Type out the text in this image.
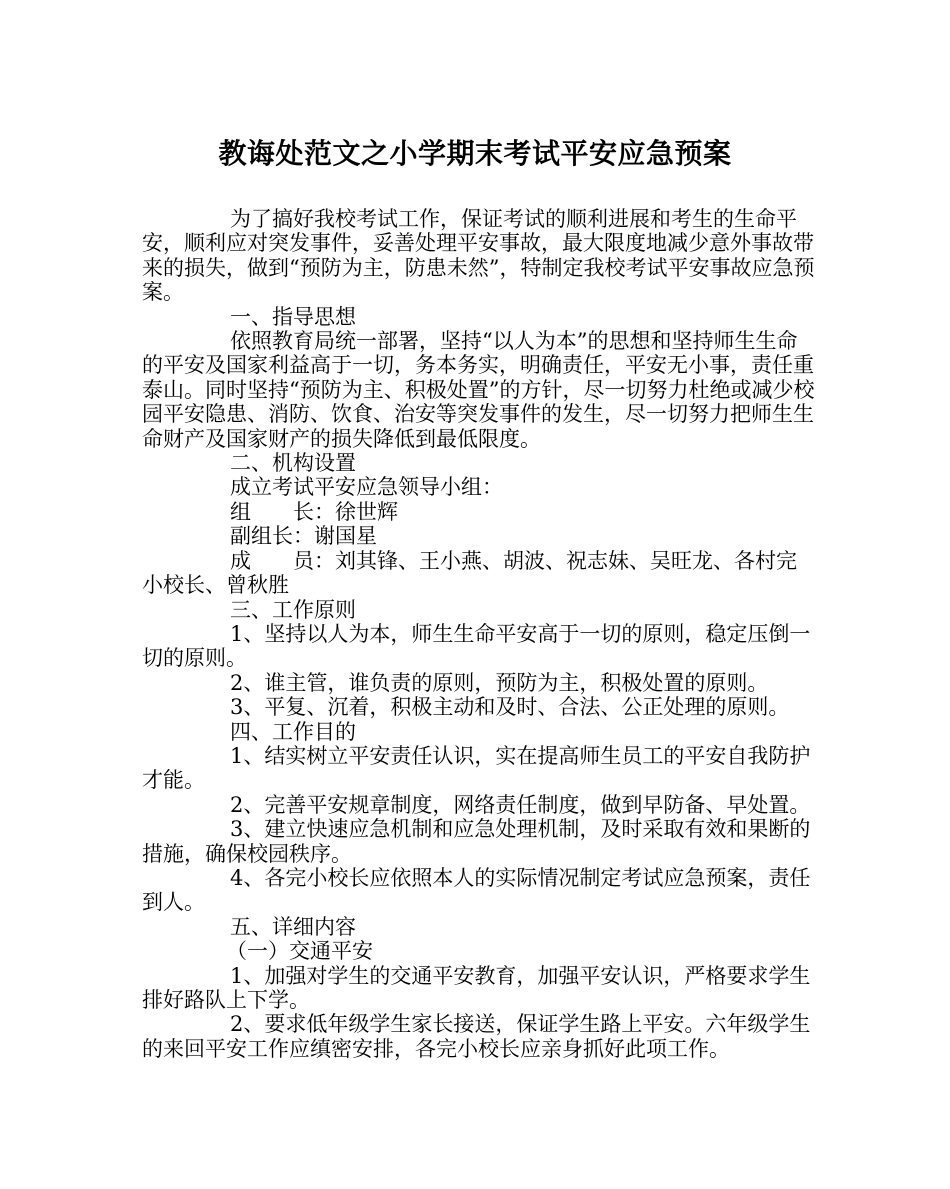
教诲处范文之小学期末考试平安应急预案

为了搞好我校考试工作，保证考试的顺利进展和考生的生命平安，顺利应对突发事件，妥善处理平安事故，最大限度地减少意外事故带来的损失，做到“预防为主，防患未然”，特制定我校考试平安事故应急预案。

一、指导思想

依照教育局统一部署，坚持“以人为本”的思想和坚持师生生命的平安及国家利益高于一切，务本务实，明确责任，平安无小事，责任重泰山。同时坚持“预防为主、积极处置”的方针，尽一切努力杜绝或减少校园平安隐患、消防、饮食、治安等突发事件的发生，尽一切努力把师生生命财产及国家财产的损失降低到最低限度。

二、机构设置

成立考试平安应急领导小组：

组　　长：徐世辉

副组长：谢国星

成　　员：刘其锋、王小燕、胡波、祝志妹、吴旺龙、各村完小校长、曾秋胜

三、工作原则

1、坚持以人为本，师生生命平安高于一切的原则，稳定压倒一切的原则。

2、谁主管，谁负责的原则，预防为主，积极处置的原则。

3、平复、沉着，积极主动和及时、合法、公正处理的原则。

四、工作目的

1、结实树立平安责任认识，实在提高师生员工的平安自我防护才能。

2、完善平安规章制度，网络责任制度，做到早防备、早处置。

3、建立快速应急机制和应急处理机制，及时采取有效和果断的措施，确保校园秩序。

4、各完小校长应依照本人的实际情况制定考试应急预案，责任到人。

五、详细内容

（一）交通平安

1、加强对学生的交通平安教育，加强平安认识，严格要求学生排好路队上下学。

2、要求低年级学生家长接送，保证学生路上平安。六年级学生的来回平安工作应缜密安排，各完小校长应亲身抓好此项工作。
